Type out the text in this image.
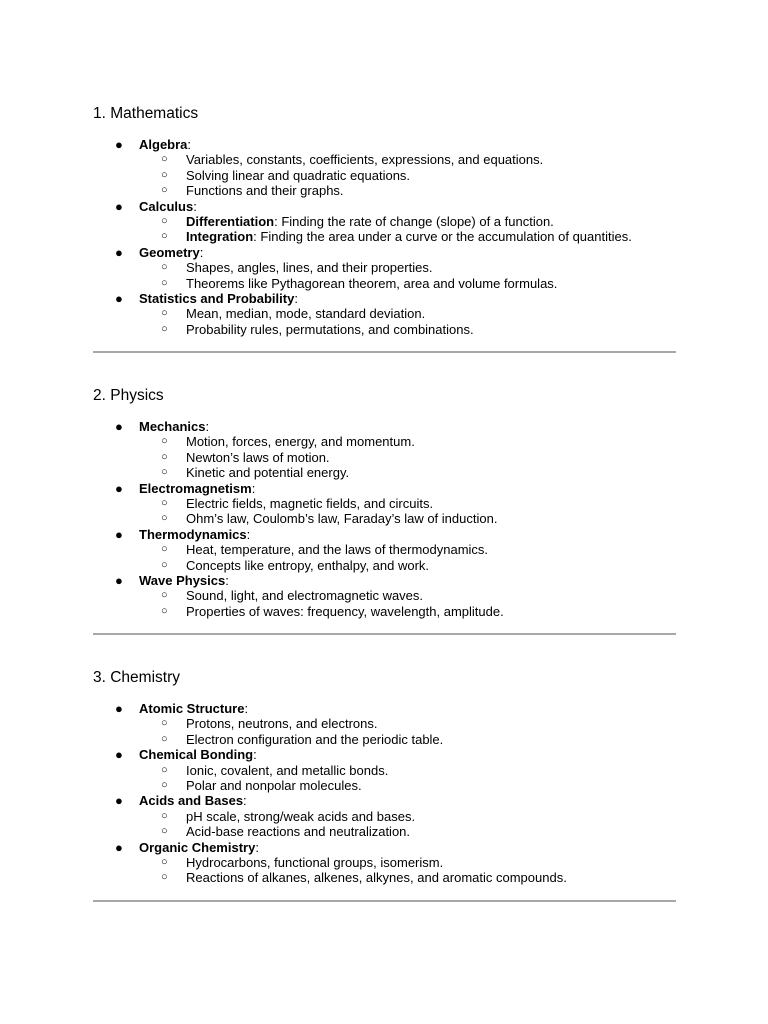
1. Mathematics
● Algebra:
○ Variables, constants, coefficients, expressions, and equations.
○ Solving linear and quadratic equations.
○ Functions and their graphs.
● Calculus:
○ Differentiation: Finding the rate of change (slope) of a function.
○ Integration: Finding the area under a curve or the accumulation of quantities.
● Geometry:
○ Shapes, angles, lines, and their properties.
○ Theorems like Pythagorean theorem, area and volume formulas.
● Statistics and Probability:
○ Mean, median, mode, standard deviation.
○ Probability rules, permutations, and combinations.
2. Physics
● Mechanics:
○ Motion, forces, energy, and momentum.
○ Newton’s laws of motion.
○ Kinetic and potential energy.
● Electromagnetism:
○ Electric fields, magnetic fields, and circuits.
○ Ohm’s law, Coulomb’s law, Faraday’s law of induction.
● Thermodynamics:
○ Heat, temperature, and the laws of thermodynamics.
○ Concepts like entropy, enthalpy, and work.
● Wave Physics:
○ Sound, light, and electromagnetic waves.
○ Properties of waves: frequency, wavelength, amplitude.
3. Chemistry
● Atomic Structure:
○ Protons, neutrons, and electrons.
○ Electron configuration and the periodic table.
● Chemical Bonding:
○ Ionic, covalent, and metallic bonds.
○ Polar and nonpolar molecules.
● Acids and Bases:
○ pH scale, strong/weak acids and bases.
○ Acid-base reactions and neutralization.
● Organic Chemistry:
○ Hydrocarbons, functional groups, isomerism.
○ Reactions of alkanes, alkenes, alkynes, and aromatic compounds.
